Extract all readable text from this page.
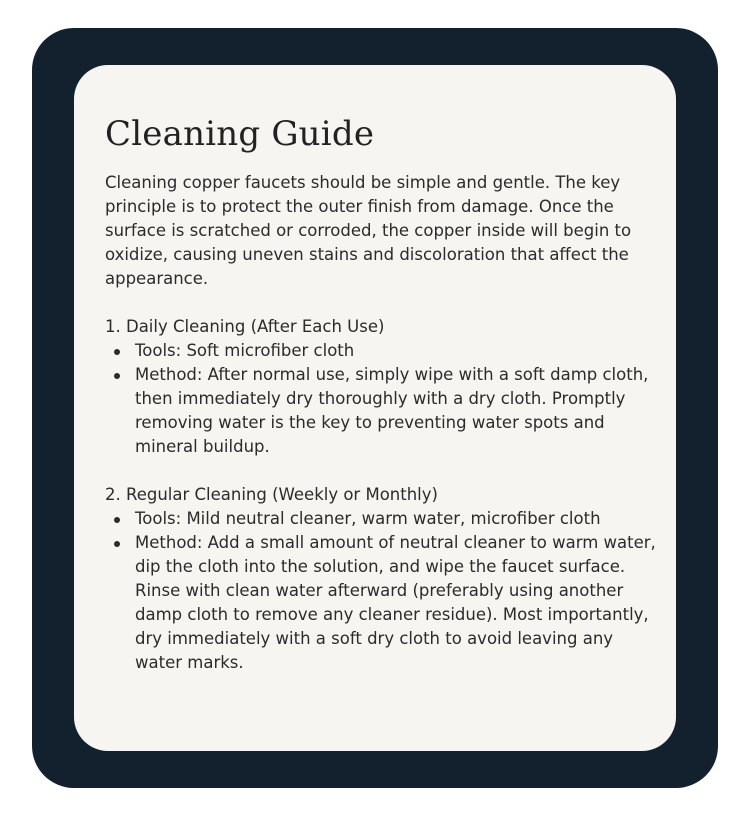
Cleaning Guide

Cleaning copper faucets should be simple and gentle. The key principle is to protect the outer finish from damage. Once the surface is scratched or corroded, the copper inside will begin to oxidize, causing uneven stains and discoloration that affect the appearance.

1. Daily Cleaning (After Each Use)

Tools: Soft microfiber cloth
Method: After normal use, simply wipe with a soft damp cloth, then immediately dry thoroughly with a dry cloth. Promptly removing water is the key to preventing water spots and mineral buildup.

2. Regular Cleaning (Weekly or Monthly)

Tools: Mild neutral cleaner, warm water, microfiber cloth
Method: Add a small amount of neutral cleaner to warm water, dip the cloth into the solution, and wipe the faucet surface. Rinse with clean water afterward (preferably using another damp cloth to remove any cleaner residue). Most importantly, dry immediately with a soft dry cloth to avoid leaving any water marks.
